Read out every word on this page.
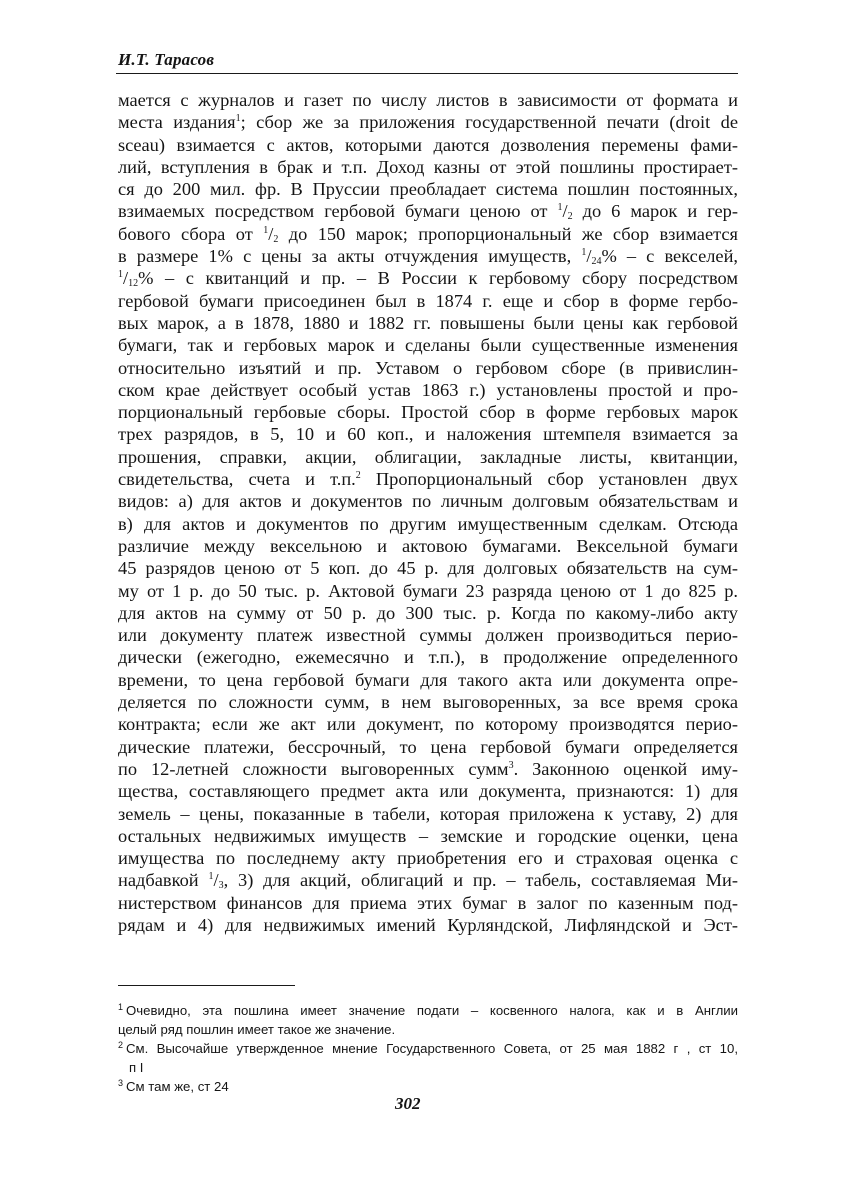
И.Т. Тарасов
мается с журналов и газет по числу листов в зависимости от формата и
места издания$^1$; сбор же за приложения государственной печати (droit de
sceau) взимается с актов, которыми даются дозволения перемены фами-
лий, вступления в брак и т.п. Доход казны от этой пошлины простирает-
ся до 200 мил. фр. В Пруссии преобладает система пошлин постоянных,
взимаемых посредством гербовой бумаги ценою от $^1/_2$ до 6 марок и гер-
бового сбора от $^1/_2$ до 150 марок; пропорциональный же сбор взимается
в размере 1% с цены за акты отчуждения имуществ, $^1/_{24}\%$ – с векселей,
$^1/_{12}\%$ – с квитанций и пр. – В России к гербовому сбору посредством
гербовой бумаги присоединен был в 1874 г. еще и сбор в форме гербо-
вых марок, а в 1878, 1880 и 1882 гг. повышены были цены как гербовой
бумаги, так и гербовых марок и сделаны были существенные изменения
относительно изъятий и пр. Уставом о гербовом сборе (в привислин-
ском крае действует особый устав 1863 г.) установлены простой и про-
порциональный гербовые сборы. Простой сбор в форме гербовых марок
трех разрядов, в 5, 10 и 60 коп., и наложения штемпеля взимается за
прошения, справки, акции, облигации, закладные листы, квитанции,
свидетельства, счета и т.п.$^2$ Пропорциональный сбор установлен двух
видов: а) для актов и документов по личным долговым обязательствам и
в) для актов и документов по другим имущественным сделкам. Отсюда
различие между вексельною и актовою бумагами. Вексельной бумаги
45 разрядов ценою от 5 коп. до 45 р. для долговых обязательств на сум-
му от 1 р. до 50 тыс. р. Актовой бумаги 23 разряда ценою от 1 до 825 р.
для актов на сумму от 50 р. до 300 тыс. р. Когда по какому-либо акту
или документу платеж известной суммы должен производиться перио-
дически (ежегодно, ежемесячно и т.п.), в продолжение определенного
времени, то цена гербовой бумаги для такого акта или документа опре-
деляется по сложности сумм, в нем выговоренных, за все время срока
контракта; если же акт или документ, по которому производятся перио-
дические платежи, бессрочный, то цена гербовой бумаги определяется
по 12-летней сложности выговоренных сумм$^3$. Законною оценкой иму-
щества, составляющего предмет акта или документа, признаются: 1) для
земель – цены, показанные в табели, которая приложена к уставу, 2) для
остальных недвижимых имуществ – земские и городские оценки, цена
имущества по последнему акту приобретения его и страховая оценка с
надбавкой $^1/_3$, 3) для акций, облигаций и пр. – табель, составляемая Ми-
нистерством финансов для приема этих бумаг в залог по казенным под-
рядам и 4) для недвижимых имений Курляндской, Лифляндской и Эст-
$^1$ Очевидно, эта пошлина имеет значение подати – косвенного налога, как и в Англии
целый ряд пошлин имеет такое же значение.
$^2$ См. Высочайше утвержденное мнение Государственного Совета, от 25 мая 1882 г , ст 10,
п I
$^3$ См там же, ст 24
302
